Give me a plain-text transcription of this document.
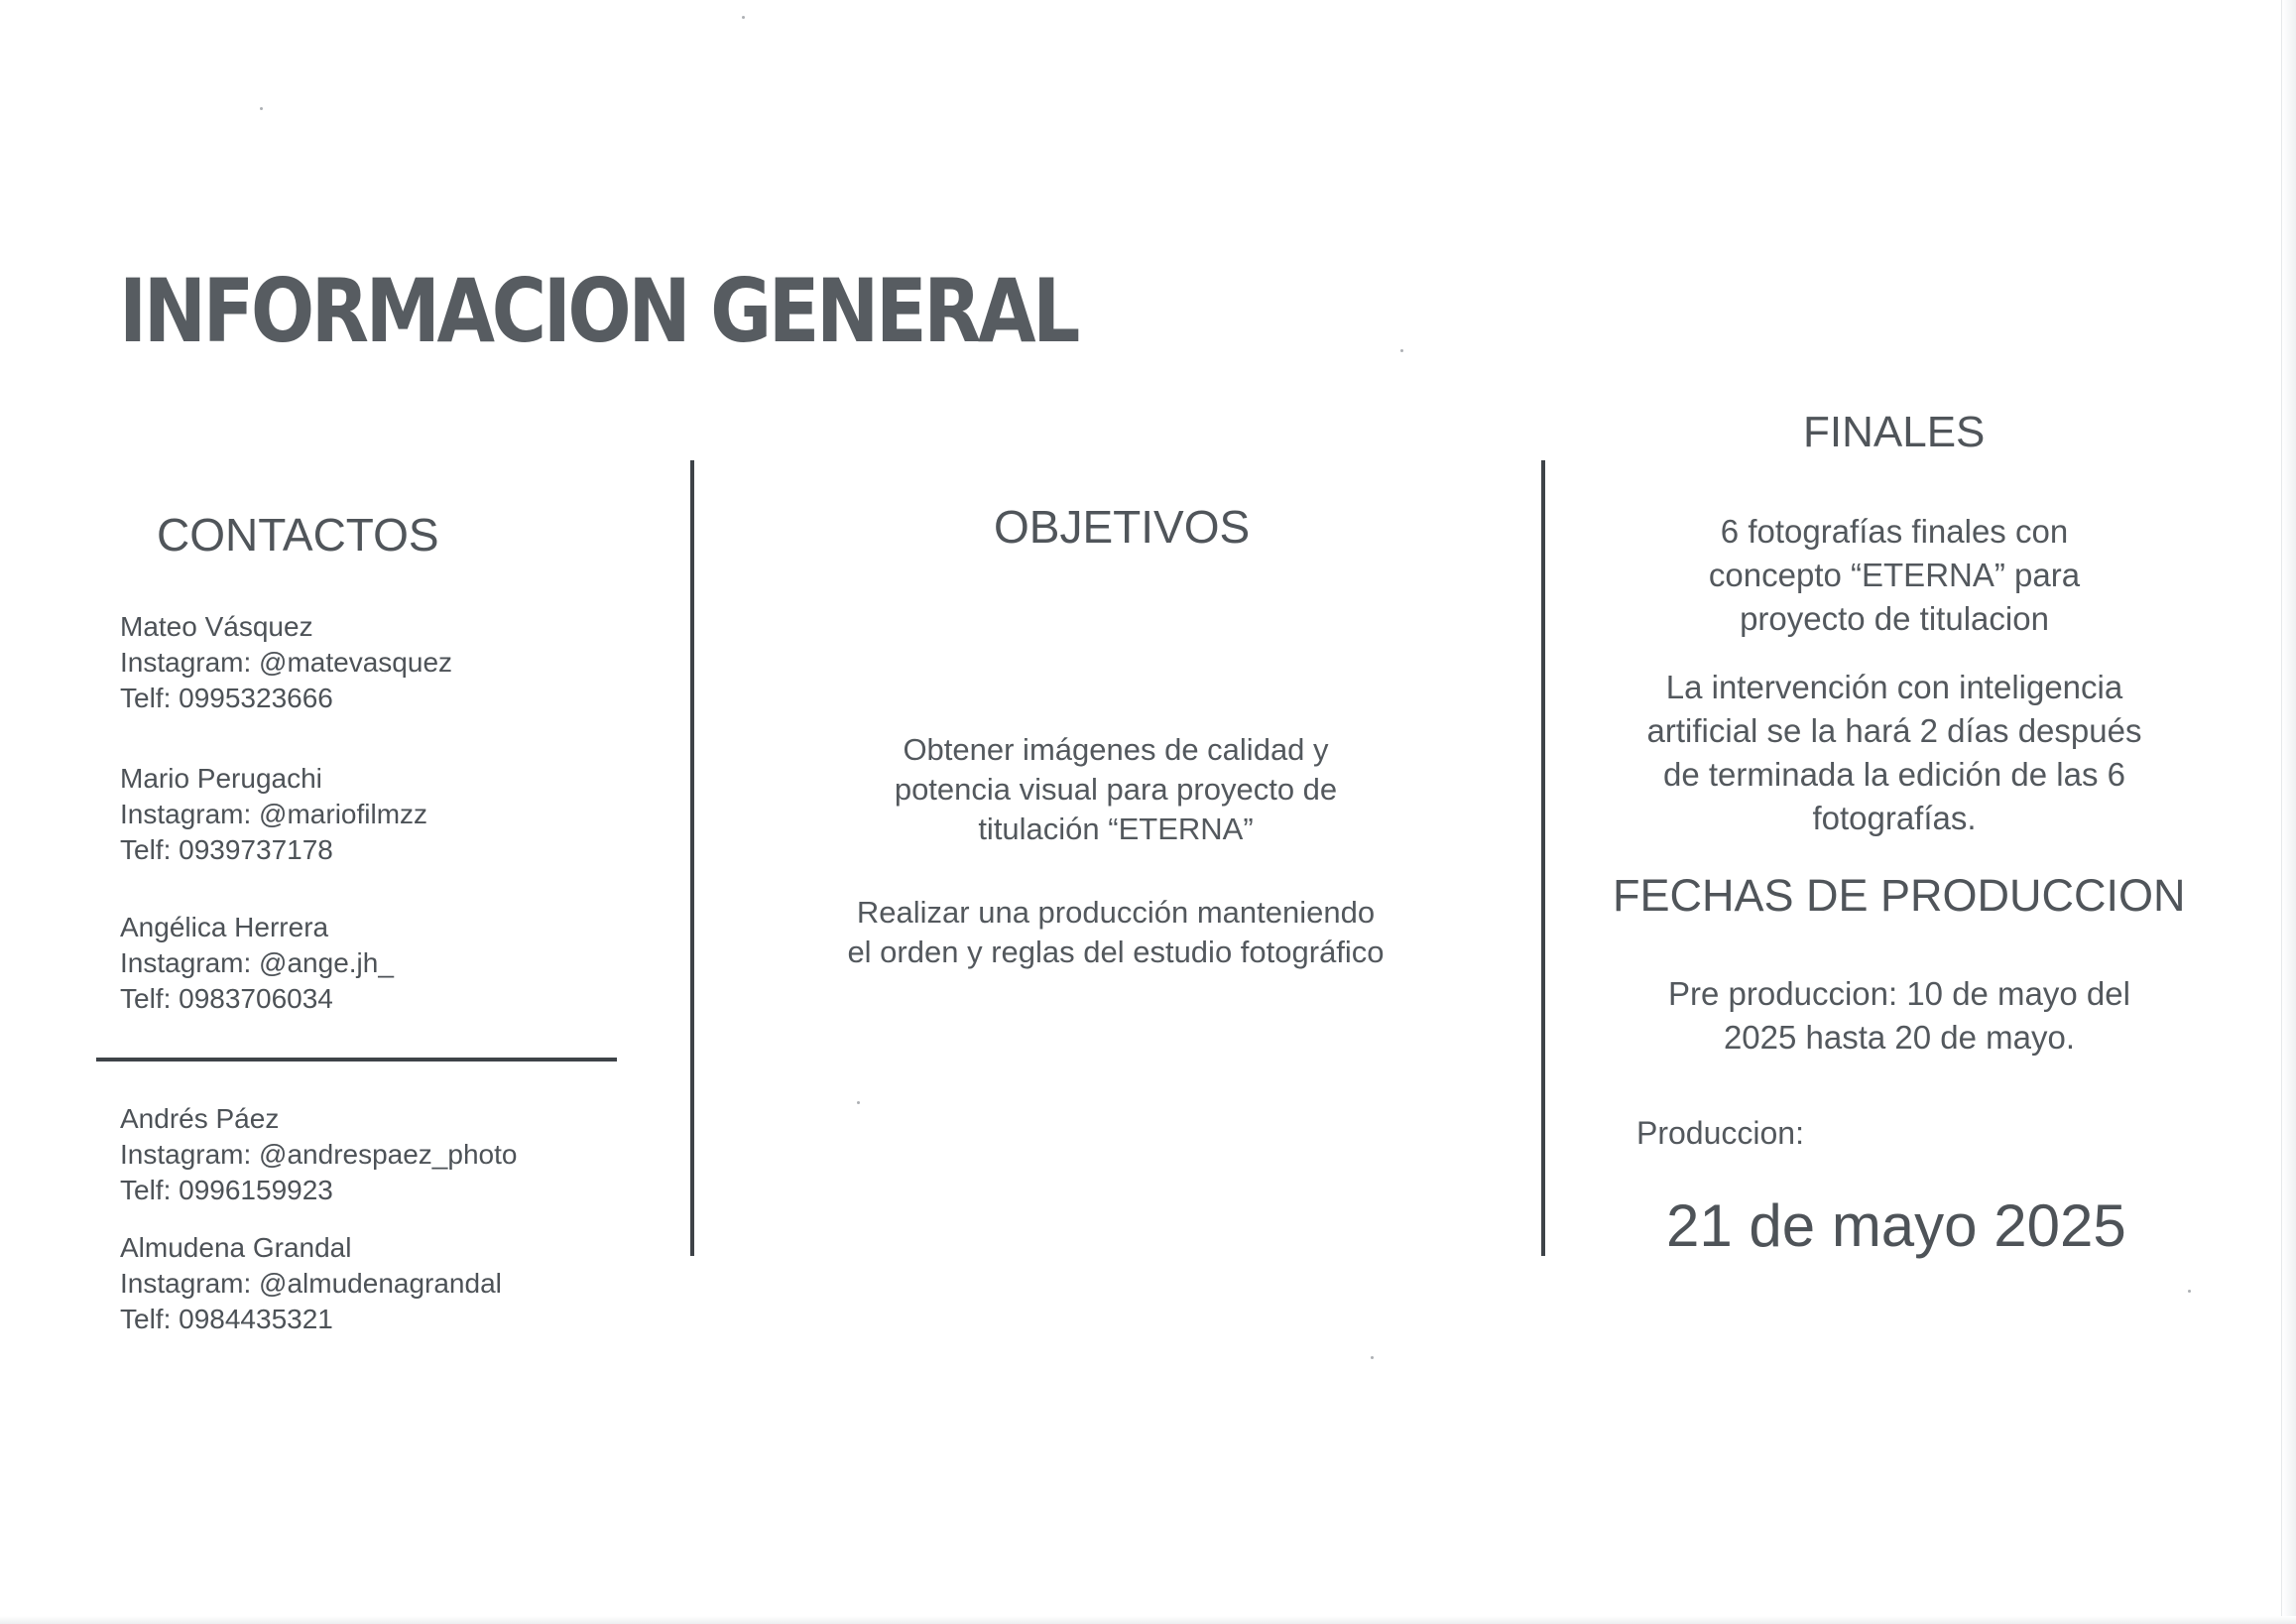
INFORMACION GENERAL
CONTACTOS
Mateo Vásquez
Instagram: @matevasquez
Telf: 0995323666
Mario Perugachi
Instagram: @mariofilmzz
Telf: 0939737178
Angélica Herrera
Instagram: @ange.jh_
Telf: 0983706034
Andrés Páez
Instagram: @andrespaez_photo
Telf: 0996159923
Almudena Grandal
Instagram: @almudenagrandal
Telf: 0984435321
OBJETIVOS
Obtener imágenes de calidad y potencia visual para proyecto de titulación “ETERNA”
Realizar una producción manteniendo el orden y reglas del estudio fotográfico
FINALES
6 fotografías finales con concepto “ETERNA” para proyecto de titulacion
La intervención con inteligencia artificial se la hará 2 días después de terminada la edición de las 6 fotografías.
FECHAS DE PRODUCCION
Pre produccion: 10 de mayo del 2025 hasta 20 de mayo.
Produccion:
21 de mayo 2025
